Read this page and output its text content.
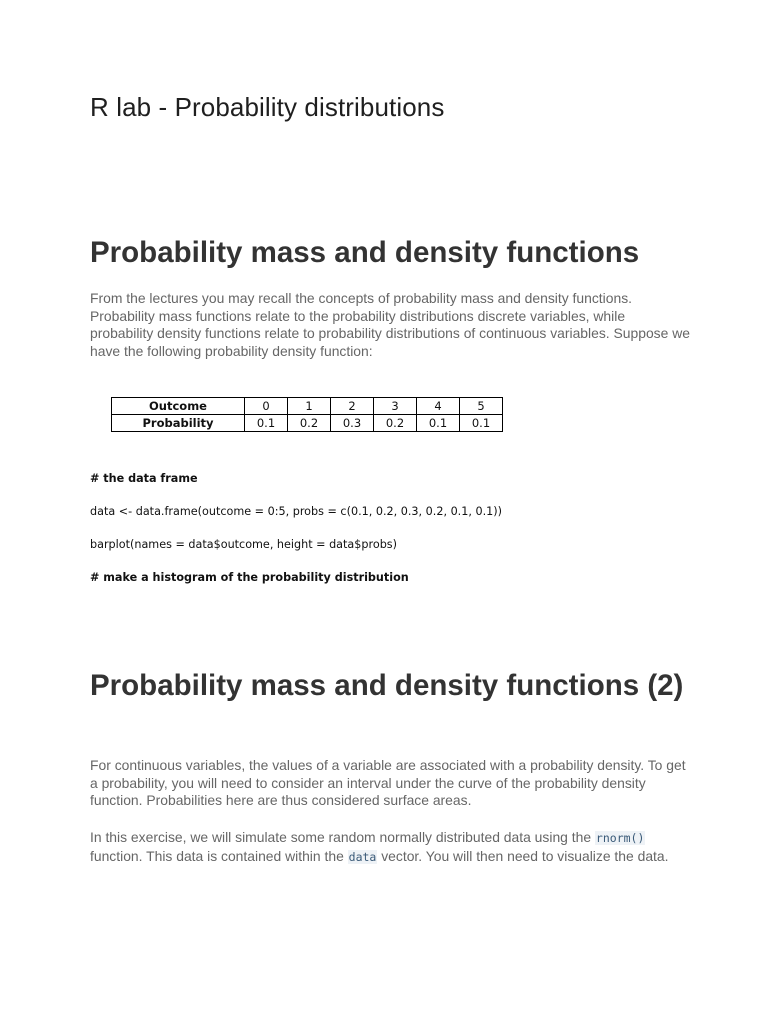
R lab - Probability distributions
Probability mass and density functions

From the lectures you may recall the concepts of probability mass and density functions. Probability mass functions relate to the probability distributions discrete variables, while probability density functions relate to probability distributions of continuous variables. Suppose we have the following probability density function:

Outcome	0	1	2	3	4	5
Probability	0.1	0.2	0.3	0.2	0.1	0.1

# the data frame

data <- data.frame(outcome = 0:5, probs = c(0.1, 0.2, 0.3, 0.2, 0.1, 0.1))

barplot(names = data$outcome, height = data$probs)

# make a histogram of the probability distribution

Probability mass and density functions (2)

For continuous variables, the values of a variable are associated with a probability density. To get a probability, you will need to consider an interval under the curve of the probability density function. Probabilities here are thus considered surface areas.

In this exercise, we will simulate some random normally distributed data using the rnorm() function. This data is contained within the data vector. You will then need to visualize the data.
